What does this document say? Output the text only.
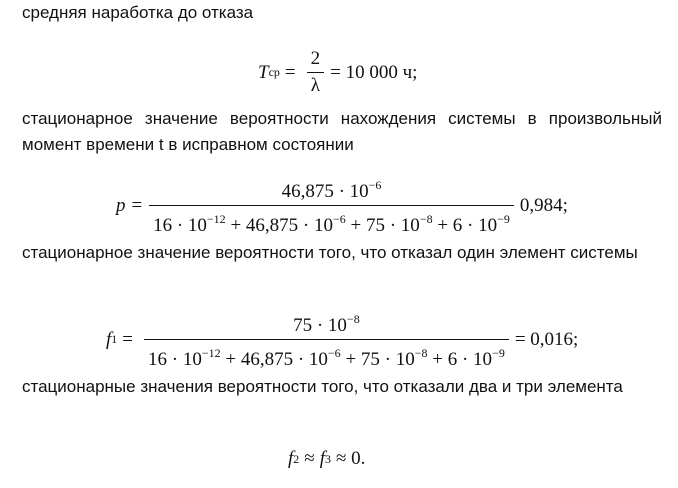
средняя наработка до отказа
T ср = $\frac{2}{\lambda} = 10$ 000 ч;
стационарное значение вероятности нахождения системы в произвольный момент времени t в исправном состоянии
$p = \frac{46,875 \cdot 10^{-6}}{16 \cdot 10^{-12} + 46,875 \cdot 10^{-6} + 75 \cdot 10^{-8} + 6 \cdot 10^{-9}} 0,984$;
стационарное значение вероятности того, что отказал один элемент системы
f $1 = \frac{75 \cdot 10^{-8}}{16 \cdot 10^{-12} + 46,875 \cdot 10^{-6} + 75 \cdot 10^{-8} + 6 \cdot 10^{-9}} = 0,016$;
стационарные значения вероятности того, что отказали два и три элемента
f 2 ≈ f 3 ≈ 0.
